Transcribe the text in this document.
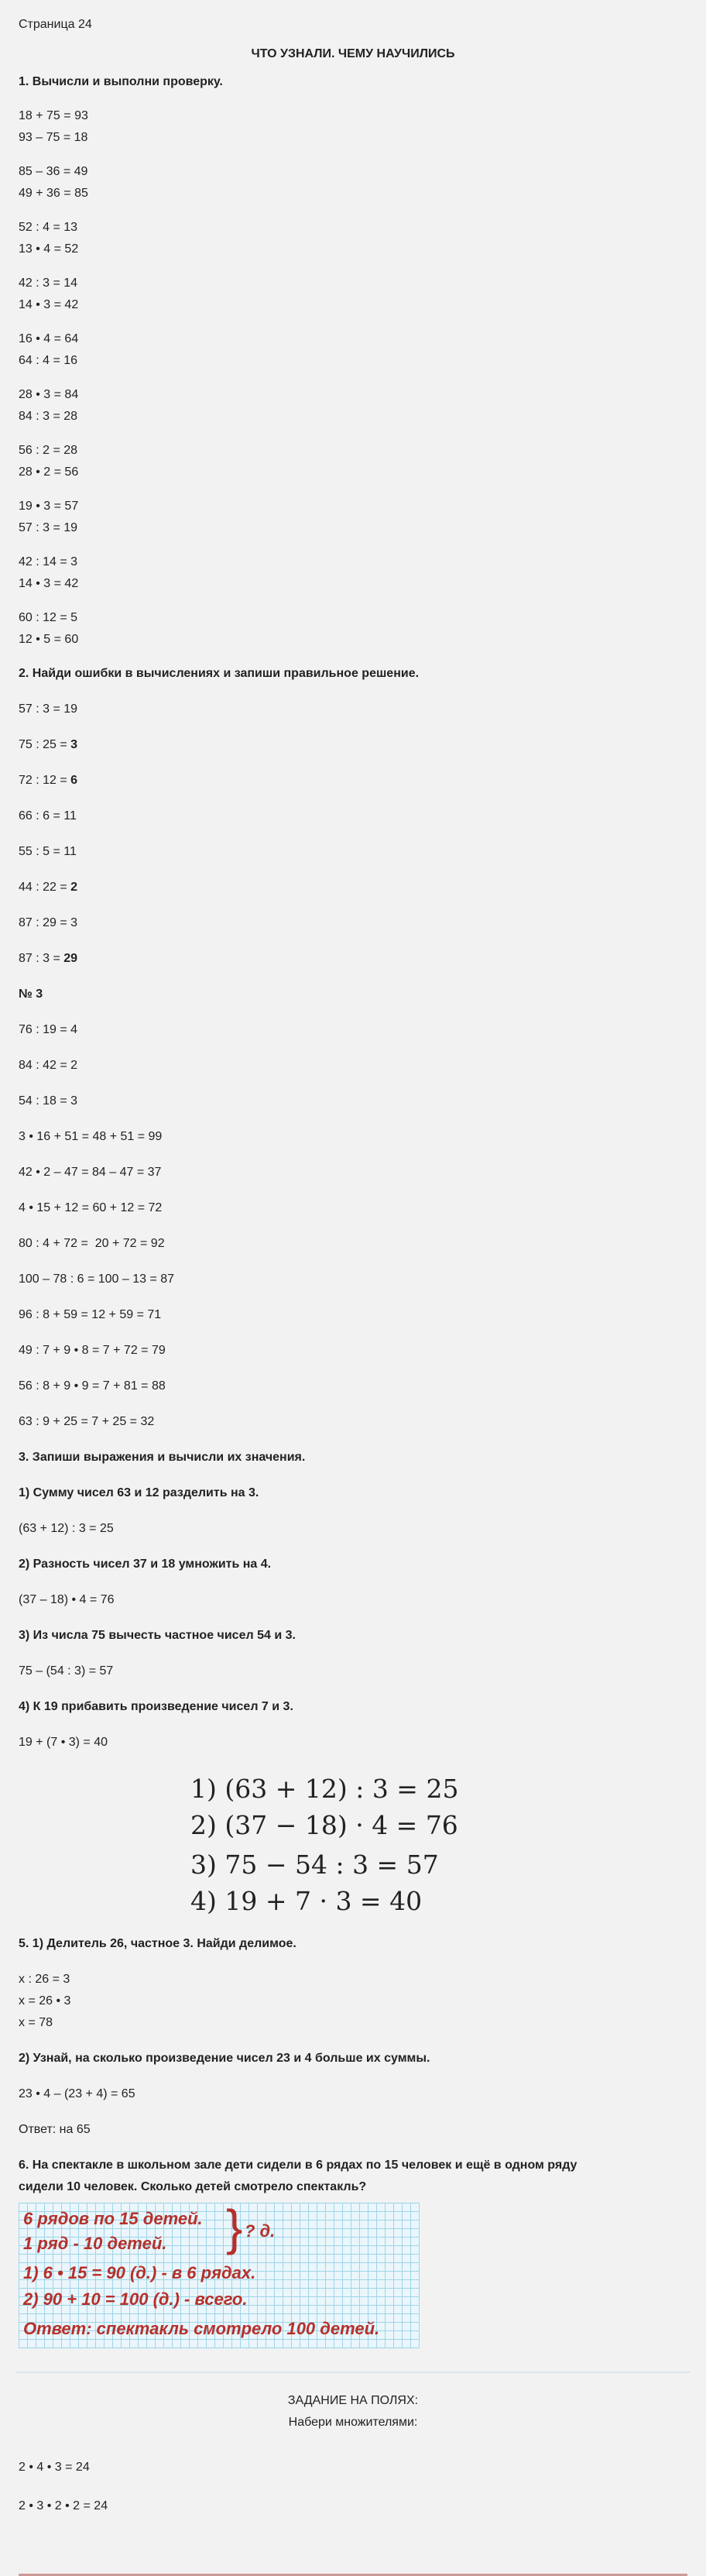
Страница 24

ЧТО УЗНАЛИ. ЧЕМУ НАУЧИЛИСЬ

1. Вычисли и выполни проверку.

18 + 75 = 93

93 – 75 = 18

85 – 36 = 49

49 + 36 = 85

52 : 4 = 13

13 • 4 = 52

42 : 3 = 14

14 • 3 = 42

16 • 4 = 64

64 : 4 = 16

28 • 3 = 84

84 : 3 = 28

56 : 2 = 28

28 • 2 = 56

19 • 3 = 57

57 : 3 = 19

42 : 14 = 3

14 • 3 = 42

60 : 12 = 5

12 • 5 = 60

2. Найди ошибки в вычислениях и запиши правильное решение.

57 : 3 = 19

75 : 25 = 3

72 : 12 = 6

66 : 6 = 11

55 : 5 = 11

44 : 22 = 2

87 : 29 = 3

87 : 3 = 29

№ 3

76 : 19 = 4

84 : 42 = 2

54 : 18 = 3

3 • 16 + 51 = 48 + 51 = 99

42 • 2 – 47 = 84 – 47 = 37

4 • 15 + 12 = 60 + 12 = 72

80 : 4 + 72 =  20 + 72 = 92

100 – 78 : 6 = 100 – 13 = 87

96 : 8 + 59 = 12 + 59 = 71

49 : 7 + 9 • 8 = 7 + 72 = 79

56 : 8 + 9 • 9 = 7 + 81 = 88

63 : 9 + 25 = 7 + 25 = 32

3. Запиши выражения и вычисли их значения.

1) Сумму чисел 63 и 12 разделить на 3.

(63 + 12) : 3 = 25

2) Разность чисел 37 и 18 умножить на 4.

(37 – 18) • 4 = 76

3) Из числа 75 вычесть частное чисел 54 и 3.

75 – (54 : 3) = 57

4) К 19 прибавить произведение чисел 7 и 3.

19 + (7 • 3) = 40

1) (63 + 12) : 3 = 25
2) (37 − 18) · 4 = 76
3) 75 − 54 : 3 = 57
4) 19 + 7 · 3 = 40

5. 1) Делитель 26, частное 3. Найди делимое.

x : 26 = 3

x = 26 • 3

x = 78

2) Узнай, на сколько произведение чисел 23 и 4 больше их суммы.

23 • 4 – (23 + 4) = 65

Ответ: на 65

6. На спектакле в школьном зале дети сидели в 6 рядах по 15 человек и ещё в одном ряду

сидели 10 человек. Сколько детей смотрело спектакль?

6 рядов по 15 детей.
1 ряд - 10 детей. } ? д.
1) 6 • 15 = 90 (д.) - в 6 рядах.
2) 90 + 10 = 100 (д.) - всего.
Ответ: спектакль смотрело 100 детей.

ЗАДАНИЕ НА ПОЛЯХ:

Набери множителями:

2 • 4 • 3 = 24

2 • 3 • 2 • 2 = 24
